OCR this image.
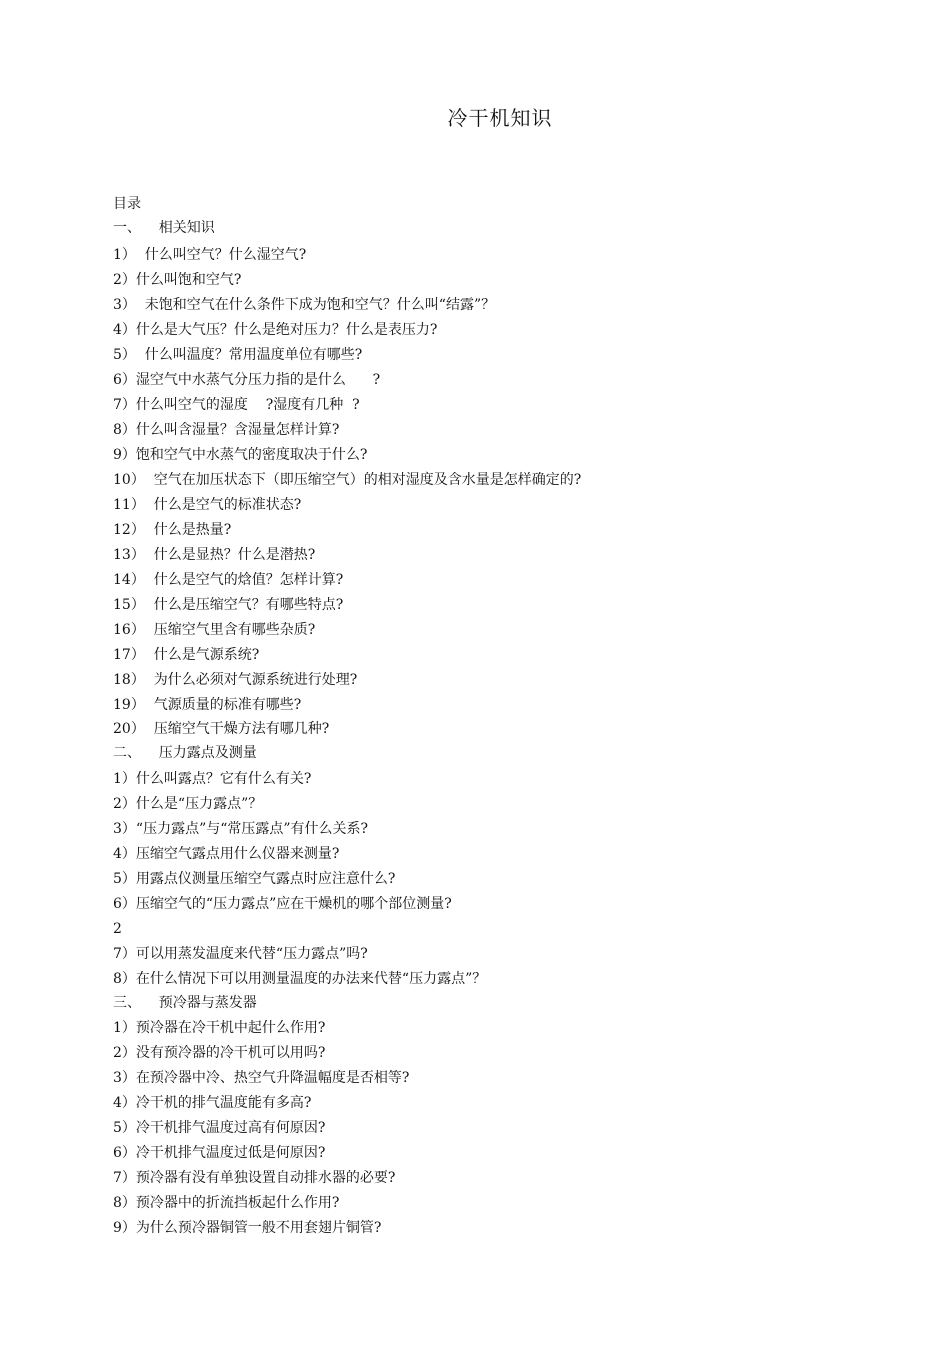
冷干机知识
目录
一、    相关知识
1）  什么叫空气？什么湿空气?
2）什么叫饱和空气?
3）  未饱和空气在什么条件下成为饱和空气？什么叫“结露”？
4）什么是大气压？什么是绝对压力？什么是表压力?
5）  什么叫温度？常用温度单位有哪些?
6）湿空气中水蒸气分压力指的是什么      ?
7）什么叫空气的湿度    ?湿度有几种  ?
8）什么叫含湿量？含湿量怎样计算?
9）饱和空气中水蒸气的密度取决于什么?
10）  空气在加压状态下（即压缩空气）的相对湿度及含水量是怎样确定的?
11）  什么是空气的标准状态?
12）  什么是热量?
13）  什么是显热？什么是潜热?
14）  什么是空气的焓值？怎样计算?
15）  什么是压缩空气？有哪些特点?
16）  压缩空气里含有哪些杂质?
17）  什么是气源系统?
18）  为什么必须对气源系统进行处理?
19）  气源质量的标准有哪些?
20）  压缩空气干燥方法有哪几种?
二、    压力露点及测量
1）什么叫露点？它有什么有关?
2）什么是“压力露点”？
3）“压力露点”与“常压露点”有什么关系?
4）压缩空气露点用什么仪器来测量?
5）用露点仪测量压缩空气露点时应注意什么?
6）压缩空气的“压力露点”应在干燥机的哪个部位测量?
2
7）可以用蒸发温度来代替“压力露点”吗?
8）在什么情况下可以用测量温度的办法来代替“压力露点”？
三、    预冷器与蒸发器
1）预冷器在冷干机中起什么作用?
2）没有预冷器的冷干机可以用吗?
3）在预冷器中冷、热空气升降温幅度是否相等?
4）冷干机的排气温度能有多高?
5）冷干机排气温度过高有何原因?
6）冷干机排气温度过低是何原因?
7）预冷器有没有单独设置自动排水器的必要?
8）预冷器中的折流挡板起什么作用?
9）为什么预冷器铜管一般不用套翅片铜管?
